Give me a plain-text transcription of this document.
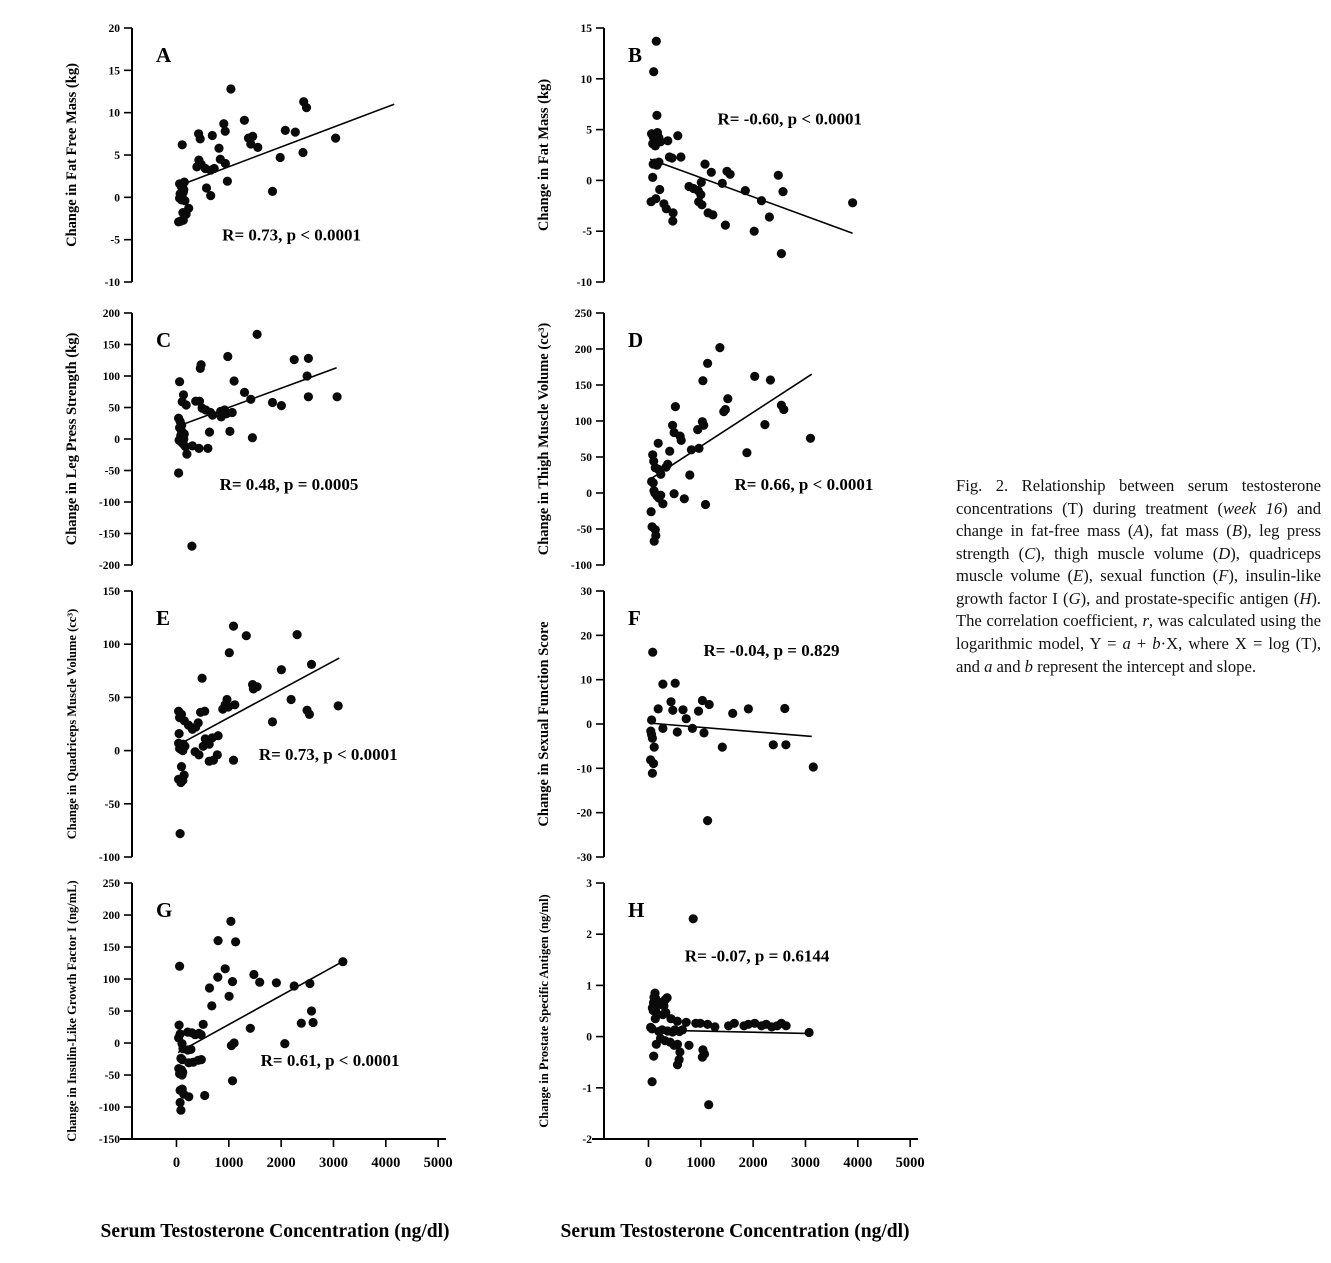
20
15
10
5
0
-5
-10
Change in Fat Free Mass (kg)
A
R= 0.73, p < 0.0001
15
10
5
0
-5
-10
Change in Fat Mass (kg)
B
R= -0.60, p < 0.0001
200
150
100
50
0
-50
-100
-150
-200
Change in Leg Press Strength (kg)	C
R= 0.48, p = 0.0005
250
200
150
100
50
0
-50
-100
Change in Thigh Muscle Volume (cc³)	D
R= 0.66, p < 0.0001
150
100
50
0
-50
-100
Change in Quadriceps Muscle Volume (cc³)	E
R= 0.73, p < 0.0001
30
20
10
0
-10
-20
-30
Change in Sexual Function Score
F
R= -0.04, p = 0.829
250
200
150
100
50
0
-50
-100
-150
Change in Insulin-Like Growth Factor I (ng/mL)
0 1000 2000 3000 4000 5000
G
R= 0.61, p < 0.0001
3
2
1
0
-1
-2
Change in Prostate Specific Antigen (ng/ml)
0 1000 2000 3000 4000 5000
H
R= -0.07, p = 0.6144
Fig. 2. Relationship between serum testosterone concentrations (T) during treatment (week 16) and change in fat-free mass (A), fat mass (B), leg press strength (C), thigh muscle volume (D), quadriceps muscle volume (E), sexual function (F), insulin-like growth factor I (G), and prostate-specific antigen (H). The correlation coefficient, r, was calculated using the logarithmic model, Y = a + b·X, where X = log (T), and a and b represent the intercept and slope.
Serum Testosterone Concentration (ng/dl)	Serum Testosterone Concentration (ng/dl)
